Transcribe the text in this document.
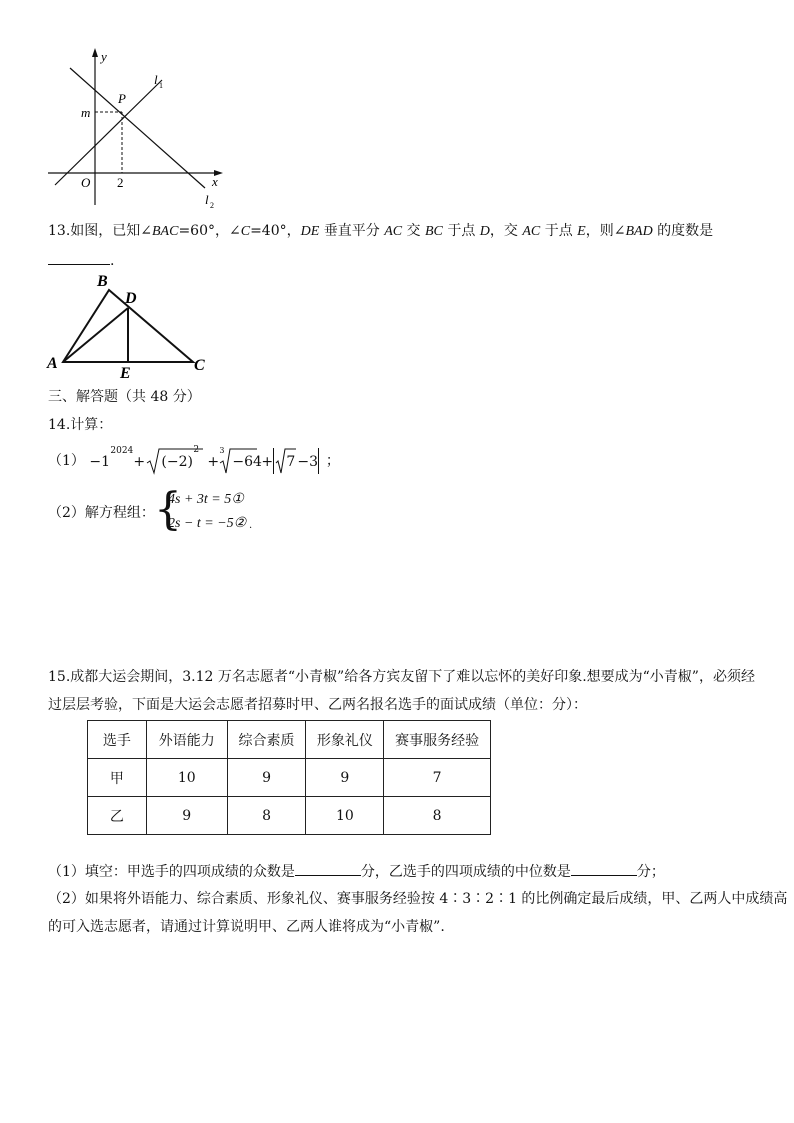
y
x
O
P
m
2
l 1
l 2
13.如图，已知∠BAC=60°，∠C=40°，DE 垂直平分 AC 交 BC 于点 D，交 AC 于点 E，则∠BAD 的度数是
.
A
B
C
D
E
三、解答题（共 48 分）
14.计算：
（1） −1
2024
+ (−2)
2
+
3
−64 + 7 −3 ；
（2）解方程组： {
4s + 3t = 5①
2s − t = −5② .
15.成都大运会期间，3.12 万名志愿者“小青椒”给各方宾友留下了难以忘怀的美好印象.想要成为“小青椒”，必须经
过层层考验，下面是大运会志愿者招募时甲、乙两名报名选手的面试成绩（单位：分）：
选手	外语能力	综合素质	形象礼仪	赛事服务经验
甲	10	9	9	7
乙	9	8	10	8
（1）填空：甲选手的四项成绩的众数是	分，乙选手的四项成绩的中位数是	分；
（2）如果将外语能力、综合素质、形象礼仪、赛事服务经验按 4∶3∶2∶1 的比例确定最后成绩，甲、乙两人中成绩高
的可入选志愿者，请通过计算说明甲、乙两人谁将成为“小青椒”.
